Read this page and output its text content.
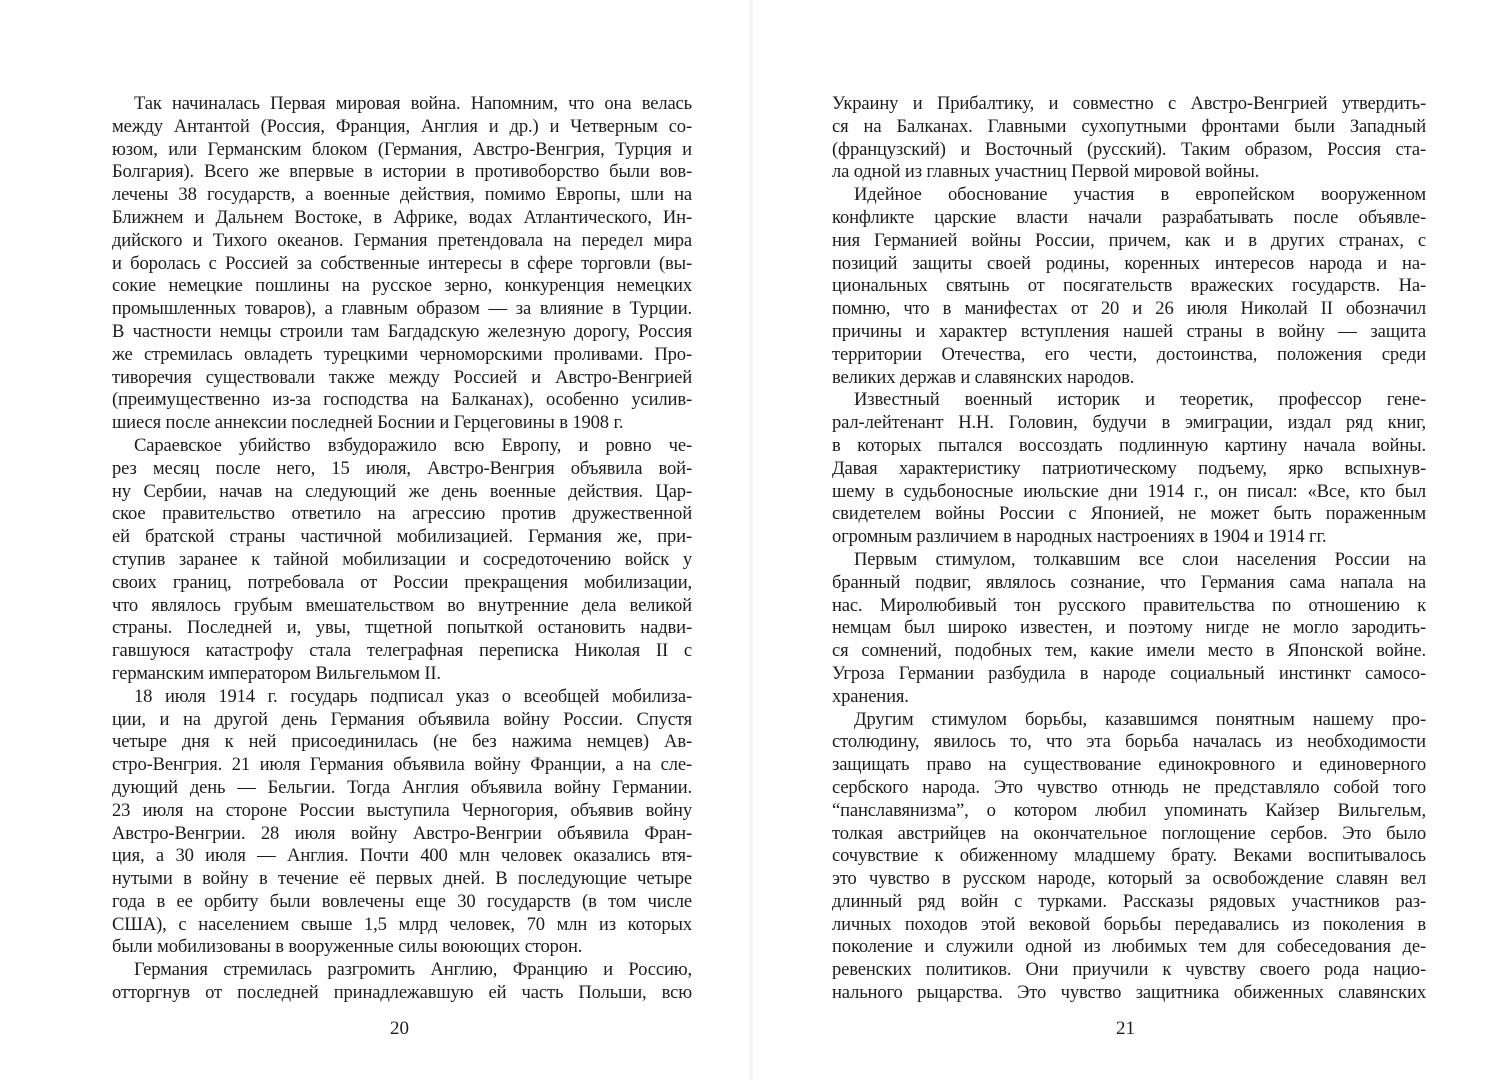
Так начиналась Первая мировая война. Напомним, что она велась
между Антантой (Россия, Франция, Англия и др.) и Четверным со-
юзом, или Германским блоком (Германия, Австро-Венгрия, Турция и
Болгария). Всего же впервые в истории в противоборство были вов-
лечены 38 государств, а военные действия, помимо Европы, шли на
Ближнем и Дальнем Востоке, в Африке, водах Атлантического, Ин-
дийского и Тихого океанов. Германия претендовала на передел мира
и боролась с Россией за собственные интересы в сфере торговли (вы-
сокие немецкие пошлины на русское зерно, конкуренция немецких
промышленных товаров), а главным образом — за влияние в Турции.
В частности немцы строили там Багдадскую железную дорогу, Россия
же стремилась овладеть турецкими черноморскими проливами. Про-
тиворечия существовали также между Россией и Австро-Венгрией
(преимущественно из-за господства на Балканах), особенно усилив-
шиеся после аннексии последней Боснии и Герцеговины в 1908 г.
Сараевское убийство взбудоражило всю Европу, и ровно че-
рез месяц после него, 15 июля, Австро-Венгрия объявила вой-
ну Сербии, начав на следующий же день военные действия. Цар-
ское правительство ответило на агрессию против дружественной
ей братской страны частичной мобилизацией. Германия же, при-
ступив заранее к тайной мобилизации и сосредоточению войск у
своих границ, потребовала от России прекращения мобилизации,
что являлось грубым вмешательством во внутренние дела великой
страны. Последней и, увы, тщетной попыткой остановить надви-
гавшуюся катастрофу стала телеграфная переписка Николая II с
германским императором Вильгельмом II.
18 июля 1914 г. государь подписал указ о всеобщей мобилиза-
ции, и на другой день Германия объявила войну России. Спустя
четыре дня к ней присоединилась (не без нажима немцев) Ав-
стро-Венгрия. 21 июля Германия объявила войну Франции, а на сле-
дующий день — Бельгии. Тогда Англия объявила войну Германии.
23 июля на стороне России выступила Черногория, объявив войну
Австро-Венгрии. 28 июля войну Австро-Венгрии объявила Фран-
ция, а 30 июля — Англия. Почти 400 млн человек оказались втя-
нутыми в войну в течение её первых дней. В последующие четыре
года в ее орбиту были вовлечены еще 30 государств (в том числе
США), с населением свыше 1,5 млрд человек, 70 млн из которых
были мобилизованы в вооруженные силы воюющих сторон.
Германия стремилась разгромить Англию, Францию и Россию,
отторгнув от последней принадлежавшую ей часть Польши, всю
Украину и Прибалтику, и совместно с Австро-Венгрией утвердить-
ся на Балканах. Главными сухопутными фронтами были Западный
(французский) и Восточный (русский). Таким образом, Россия ста-
ла одной из главных участниц Первой мировой войны.
Идейное обоснование участия в европейском вооруженном
конфликте царские власти начали разрабатывать после объявле-
ния Германией войны России, причем, как и в других странах, с
позиций защиты своей родины, коренных интересов народа и на-
циональных святынь от посягательств вражеских государств. На-
помню, что в манифестах от 20 и 26 июля Николай II обозначил
причины и характер вступления нашей страны в войну — защита
территории Отечества, его чести, достоинства, положения среди
великих держав и славянских народов.
Известный военный историк и теоретик, профессор гене-
рал-лейтенант Н.Н. Головин, будучи в эмиграции, издал ряд книг,
в которых пытался воссоздать подлинную картину начала войны.
Давая характеристику патриотическому подъему, ярко вспыхнув-
шему в судьбоносные июльские дни 1914 г., он писал: «Все, кто был
свидетелем войны России с Японией, не может быть пораженным
огромным различием в народных настроениях в 1904 и 1914 гг.
Первым стимулом, толкавшим все слои населения России на
бранный подвиг, являлось сознание, что Германия сама напала на
нас. Миролюбивый тон русского правительства по отношению к
немцам был широко известен, и поэтому нигде не могло зародить-
ся сомнений, подобных тем, какие имели место в Японской войне.
Угроза Германии разбудила в народе социальный инстинкт самосо-
хранения.
Другим стимулом борьбы, казавшимся понятным нашему про-
столюдину, явилось то, что эта борьба началась из необходимости
защищать право на существование единокровного и единоверного
сербского народа. Это чувство отнюдь не представляло собой того
“панславянизма”, о котором любил упоминать Кайзер Вильгельм,
толкая австрийцев на окончательное поглощение сербов. Это было
сочувствие к обиженному младшему брату. Веками воспитывалось
это чувство в русском народе, который за освобождение славян вел
длинный ряд войн с турками. Рассказы рядовых участников раз-
личных походов этой вековой борьбы передавались из поколения в
поколение и служили одной из любимых тем для собеседования де-
ревенских политиков. Они приучили к чувству своего рода нацио-
нального рыцарства. Это чувство защитника обиженных славянских
20	21
